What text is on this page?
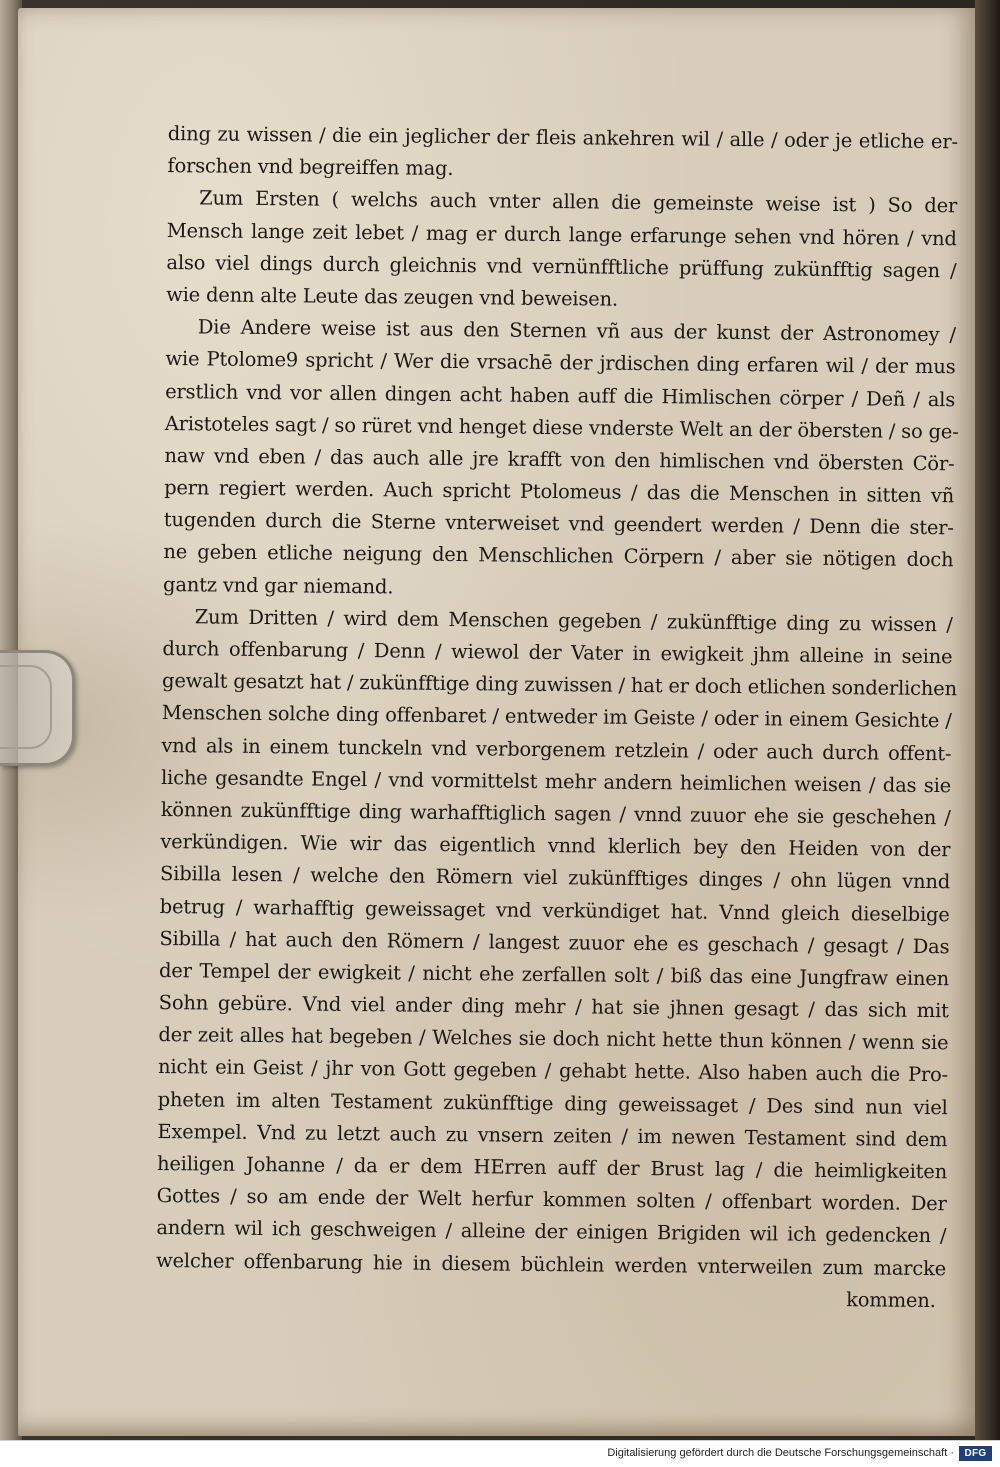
ding zu wissen / die ein jeglicher der fleis ankehren wil / alle / oder je etliche er-
forschen vnd begreiffen mag.
Zum Ersten ( welchs auch vnter allen die gemeinste weise ist ) So der
Mensch lange zeit lebet / mag er durch lange erfarunge sehen vnd hören / vnd
also viel dings durch gleichnis vnd vernünfftliche prüffung zukünfftig sagen /
wie denn alte Leute das zeugen vnd beweisen.
Die Andere weise ist aus den Sternen vñ aus der kunst der Astronomey /
wie Ptolome9 spricht / Wer die vrsachē der jrdischen ding erfaren wil / der mus
erstlich vnd vor allen dingen acht haben auff die Himlischen cörper / Deñ / als
Aristoteles sagt / so rüret vnd henget diese vnderste Welt an der öbersten / so ge-
naw vnd eben / das auch alle jre krafft von den himlischen vnd öbersten Cör-
pern regiert werden. Auch spricht Ptolomeus / das die Menschen in sitten vñ
tugenden durch die Sterne vnterweiset vnd geendert werden / Denn die ster-
ne geben etliche neigung den Menschlichen Cörpern / aber sie nötigen doch
gantz vnd gar niemand.
Zum Dritten / wird dem Menschen gegeben / zukünfftige ding zu wissen /
durch offenbarung / Denn / wiewol der Vater in ewigkeit jhm alleine in seine
gewalt gesatzt hat / zukünfftige ding zuwissen / hat er doch etlichen sonderlichen
Menschen solche ding offenbaret / entweder im Geiste / oder in einem Gesichte /
vnd als in einem tunckeln vnd verborgenem retzlein / oder auch durch offent-
liche gesandte Engel / vnd vormittelst mehr andern heimlichen weisen / das sie
können zukünfftige ding warhafftiglich sagen / vnnd zuuor ehe sie geschehen /
verkündigen. Wie wir das eigentlich vnnd klerlich bey den Heiden von der
Sibilla lesen / welche den Römern viel zukünfftiges dinges / ohn lügen vnnd
betrug / warhafftig geweissaget vnd verkündiget hat. Vnnd gleich dieselbige
Sibilla / hat auch den Römern / langest zuuor ehe es geschach / gesagt / Das
der Tempel der ewigkeit / nicht ehe zerfallen solt / biß das eine Jungfraw einen
Sohn gebüre. Vnd viel ander ding mehr / hat sie jhnen gesagt / das sich mit
der zeit alles hat begeben / Welches sie doch nicht hette thun können / wenn sie
nicht ein Geist / jhr von Gott gegeben / gehabt hette. Also haben auch die Pro-
pheten im alten Testament zukünfftige ding geweissaget / Des sind nun viel
Exempel. Vnd zu letzt auch zu vnsern zeiten / im newen Testament sind dem
heiligen Johanne / da er dem HErren auff der Brust lag / die heimligkeiten
Gottes / so am ende der Welt herfur kommen solten / offenbart worden. Der
andern wil ich geschweigen / alleine der einigen Brigiden wil ich gedencken /
welcher offenbarung hie in diesem büchlein werden vnterweilen zum marcke
kommen.
Digitalisierung gefördert durch die Deutsche Forschungsgemeinschaft ·	DFG
